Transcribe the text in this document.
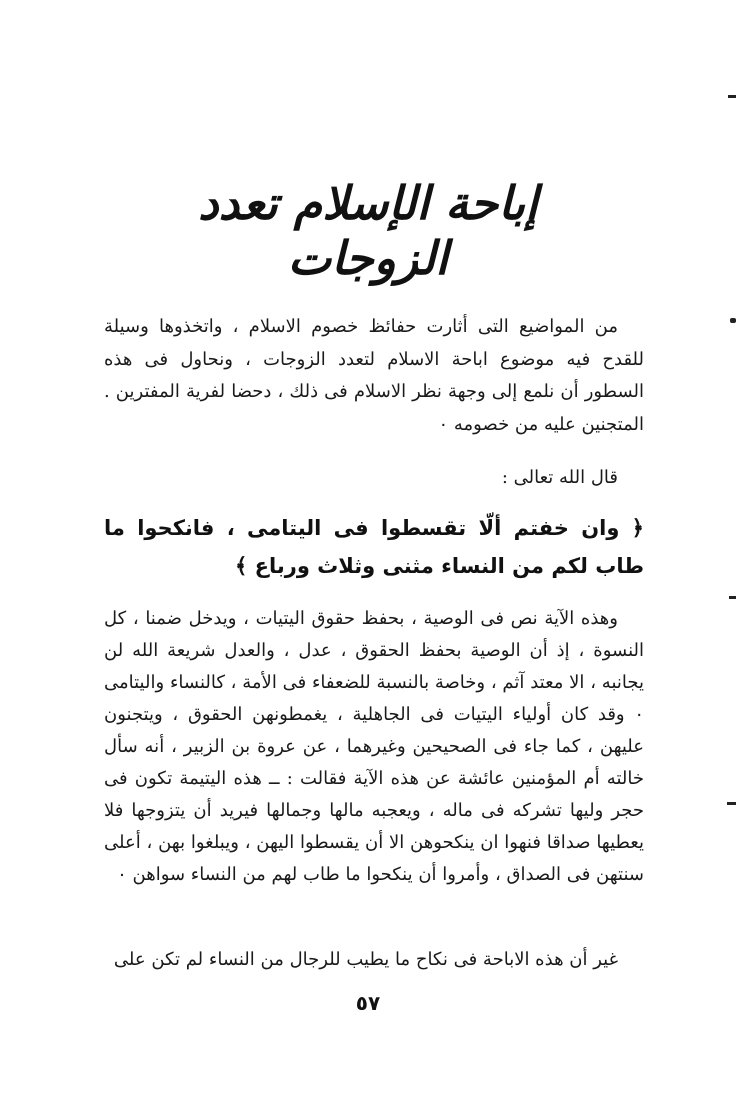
إباحة الإسلام تعدد الزوجات

من المواضيع التى أثارت حفائظ خصوم الاسلام ، واتخذوها وسيلة للقدح فيه موضوع اباحة الاسلام لتعدد الزوجات ، ونحاول فى هذه السطور أن نلمع إلى وجهة نظر الاسلام فى ذلك ، دحضا لفرية المفترين . المتجنين عليه من خصومه ٠

قال الله تعالى :

﴿ وان خفتم ألّا تقسطوا فى اليتامى ، فانكحوا ما طاب لكم من النساء مثنى وثلاث ورباع ﴾

وهذه الآية نص فى الوصية ، بحفظ حقوق اليتيات ، ويدخل ضمنا ، كل النسوة ، إذ أن الوصية بحفظ الحقوق ، عدل ، والعدل شريعة الله لن يجانبه ، الا معتد آثم ، وخاصة بالنسبة للضعفاء فى الأمة ، كالنساء واليتامى ٠ وقد كان أولياء اليتيات فى الجاهلية ، يغمطونهن الحقوق ، ويتجنون عليهن ، كما جاء فى الصحيحين وغيرهما ، عن عروة بن الزبير ، أنه سأل خالته أم المؤمنين عائشة عن هذه الآية فقالت : ــ هذه اليتيمة تكون فى حجر وليها تشركه فى ماله ، ويعجبه مالها وجمالها فيريد أن يتزوجها فلا يعطيها صداقا فنهوا ان ينكحوهن الا أن يقسطوا اليهن ، ويبلغوا بهن ، أعلى سنتهن فى الصداق ، وأمروا أن ينكحوا ما طاب لهم من النساء سواهن ٠

غير أن هذه الاباحة فى نكاح ما يطيب للرجال من النساء لم تكن على

٥٧
